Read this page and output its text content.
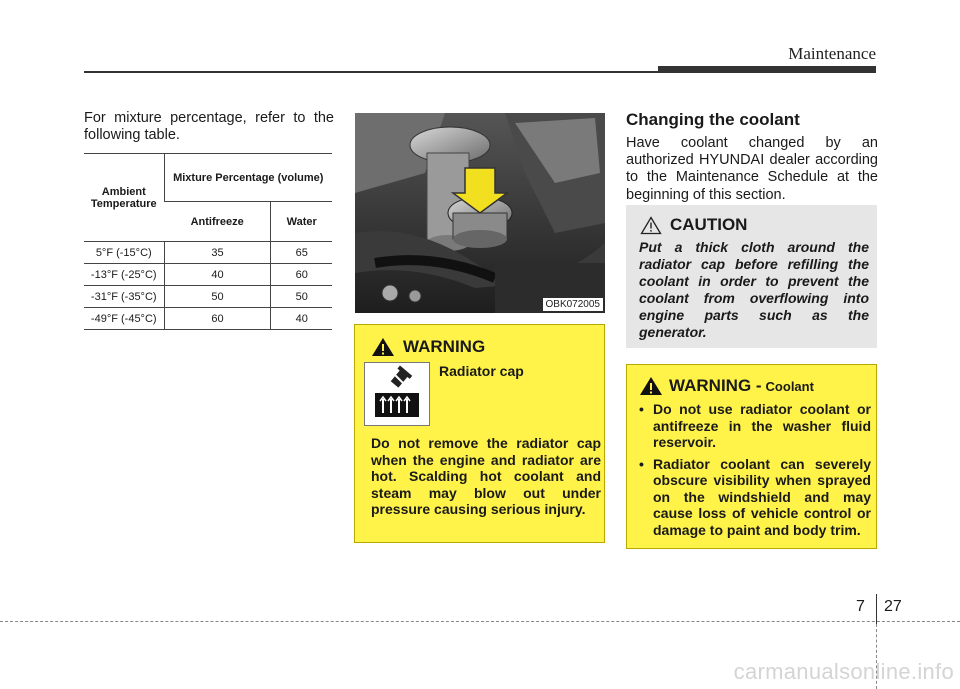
Maintenance

For mixture percentage, refer to the following table.

Ambient Temperature	Mixture Percentage (volume)	
	Antifreeze	Water
5°F (-15°C)	35	65
-13°F (-25°C)	40	60
-31°F (-35°C)	50	50
-49°F (-45°C)	60	40
OBK072005
WARNING
Radiator cap

Do not remove the radiator cap when the engine and radiator are hot. Scalding hot coolant and steam may blow out under pressure causing serious injury.

Changing the coolant

Have coolant changed by an authorized HYUNDAI dealer according to the Maintenance Schedule at the beginning of this section.

CAUTION

Put a thick cloth around the radiator cap before refilling the coolant in order to prevent the coolant from overflowing into engine parts such as the generator.

WARNING - Coolant
• Do not use radiator coolant or antifreeze in the washer fluid reservoir.
• Radiator coolant can severely obscure visibility when sprayed on the windshield and may cause loss of vehicle control or damage to paint and body trim.
7 27
carmanualsonline.info
